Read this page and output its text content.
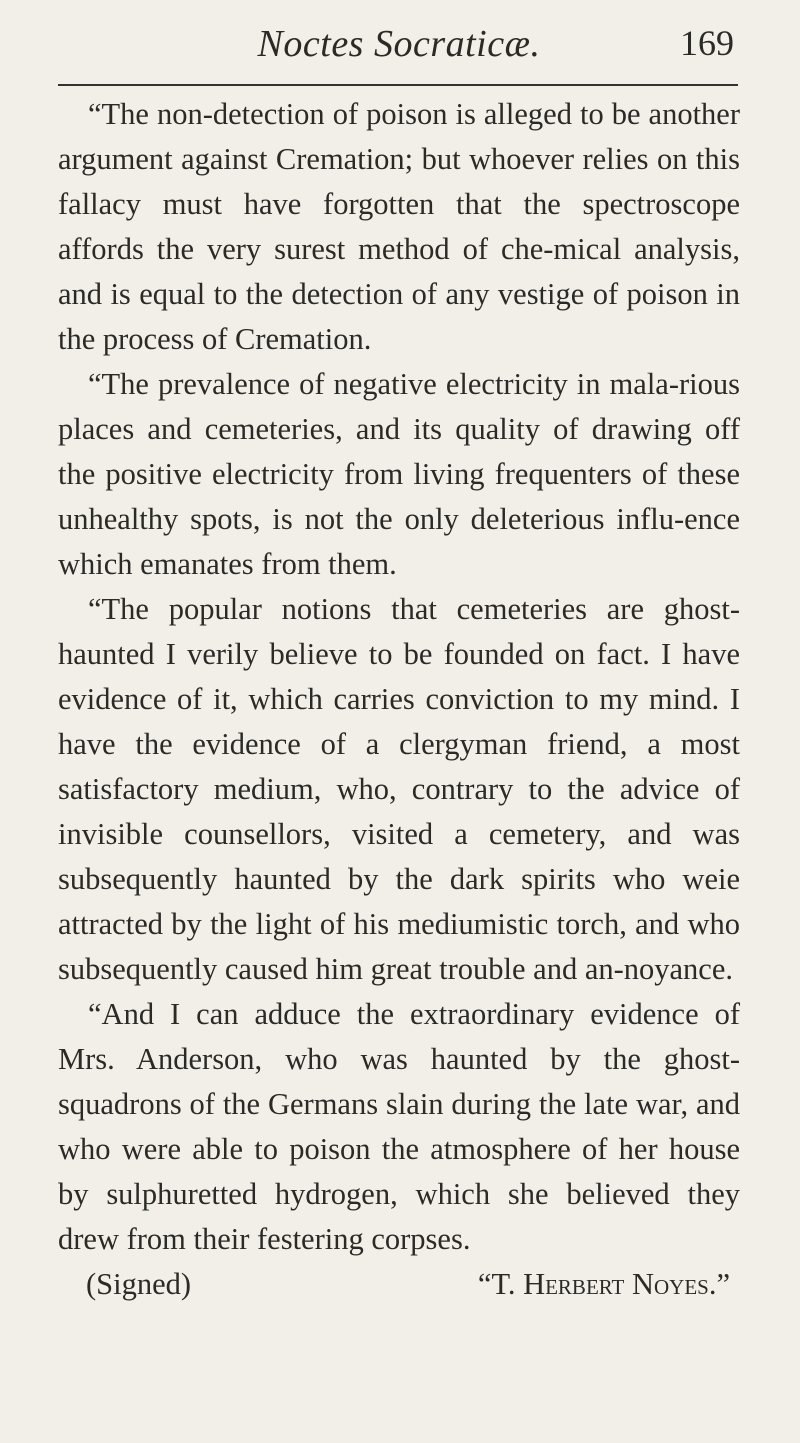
Noctes Socraticæ.	169

“The non-detection of poison is alleged to be another argument against Cremation; but whoever relies on this fallacy must have forgotten that the spectroscope affords the very surest method of che-mical analysis, and is equal to the detection of any vestige of poison in the process of Cremation.

“The prevalence of negative electricity in mala-rious places and cemeteries, and its quality of drawing off the positive electricity from living frequenters of these unhealthy spots, is not the only deleterious influ-ence which emanates from them.

“The popular notions that cemeteries are ghost-haunted I verily believe to be founded on fact. I have evidence of it, which carries conviction to my mind. I have the evidence of a clergyman friend, a most satisfactory medium, who, contrary to the advice of invisible counsellors, visited a cemetery, and was subsequently haunted by the dark spirits who weie attracted by the light of his mediumistic torch, and who subsequently caused him great trouble and an-noyance.

“And I can adduce the extraordinary evidence of Mrs. Anderson, who was haunted by the ghost-squadrons of the Germans slain during the late war, and who were able to poison the atmosphere of her house by sulphuretted hydrogen, which she believed they drew from their festering corpses.

(Signed)	“T. Herbert Noyes.”
